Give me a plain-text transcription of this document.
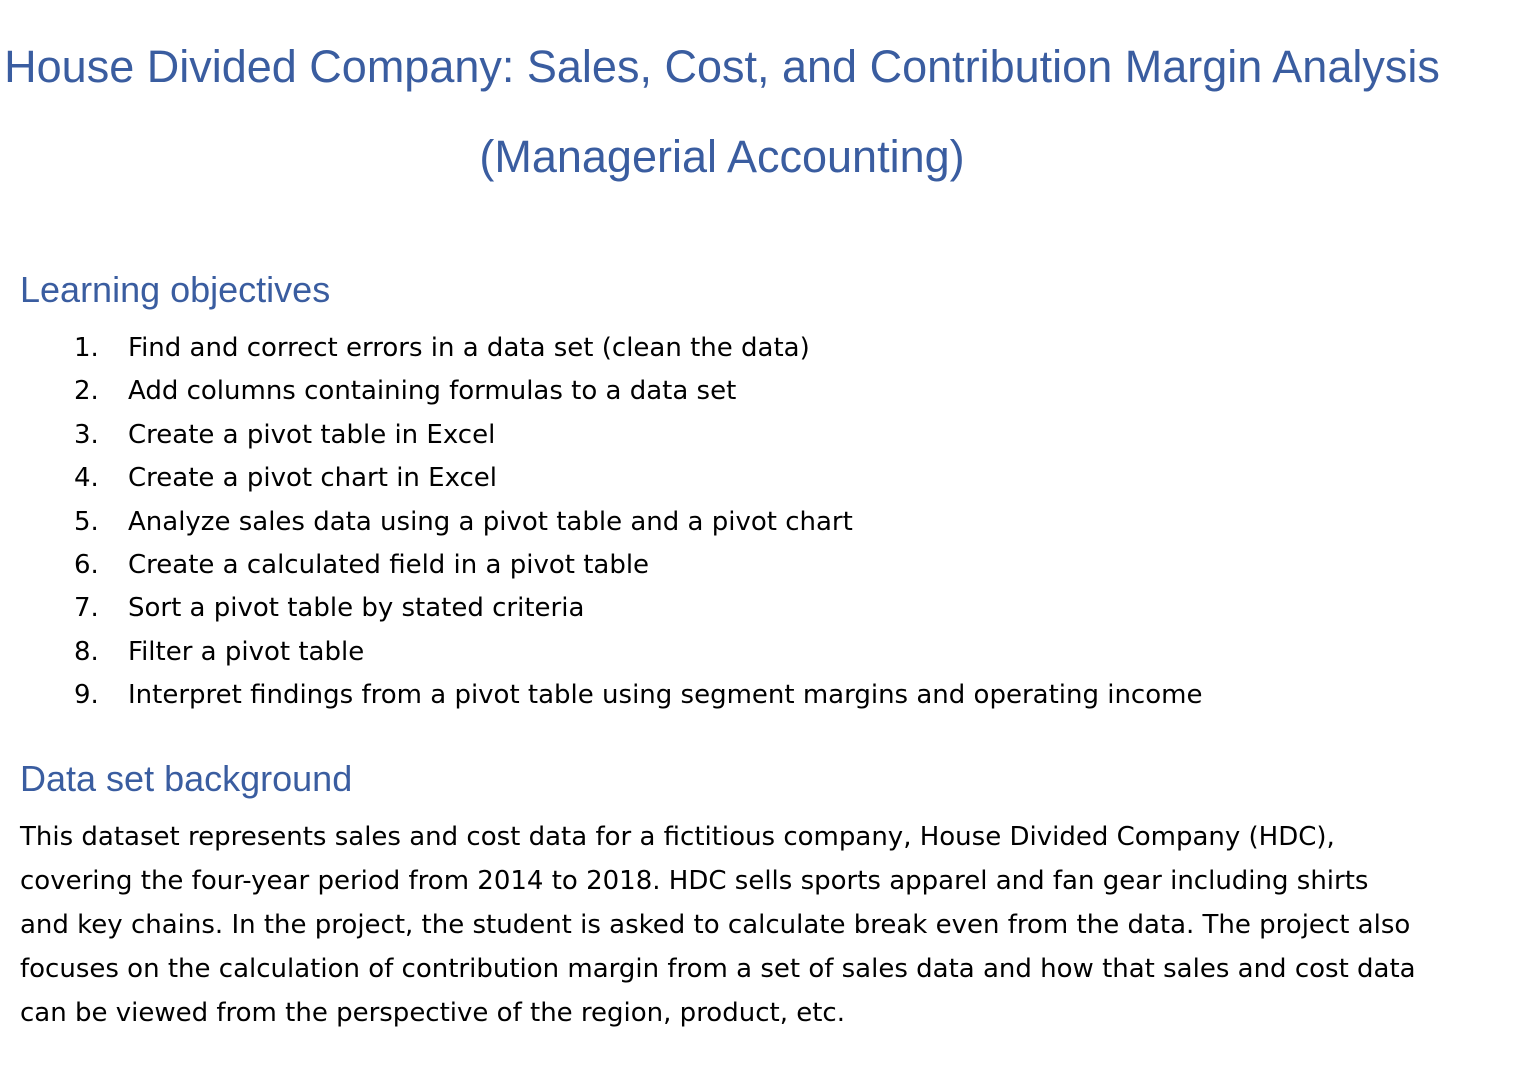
House Divided Company: Sales, Cost, and Contribution Margin Analysis (Managerial Accounting)
Learning objectives
1. Find and correct errors in a data set (clean the data)
2. Add columns containing formulas to a data set
3. Create a pivot table in Excel
4. Create a pivot chart in Excel
5. Analyze sales data using a pivot table and a pivot chart
6. Create a calculated field in a pivot table
7. Sort a pivot table by stated criteria
8. Filter a pivot table
9. Interpret findings from a pivot table using segment margins and operating income
Data set background

This dataset represents sales and cost data for a fictitious company, House Divided Company (HDC), covering the four-year period from 2014 to 2018. HDC sells sports apparel and fan gear including shirts and key chains. In the project, the student is asked to calculate break even from the data. The project also focuses on the calculation of contribution margin from a set of sales data and how that sales and cost data can be viewed from the perspective of the region, product, etc.
